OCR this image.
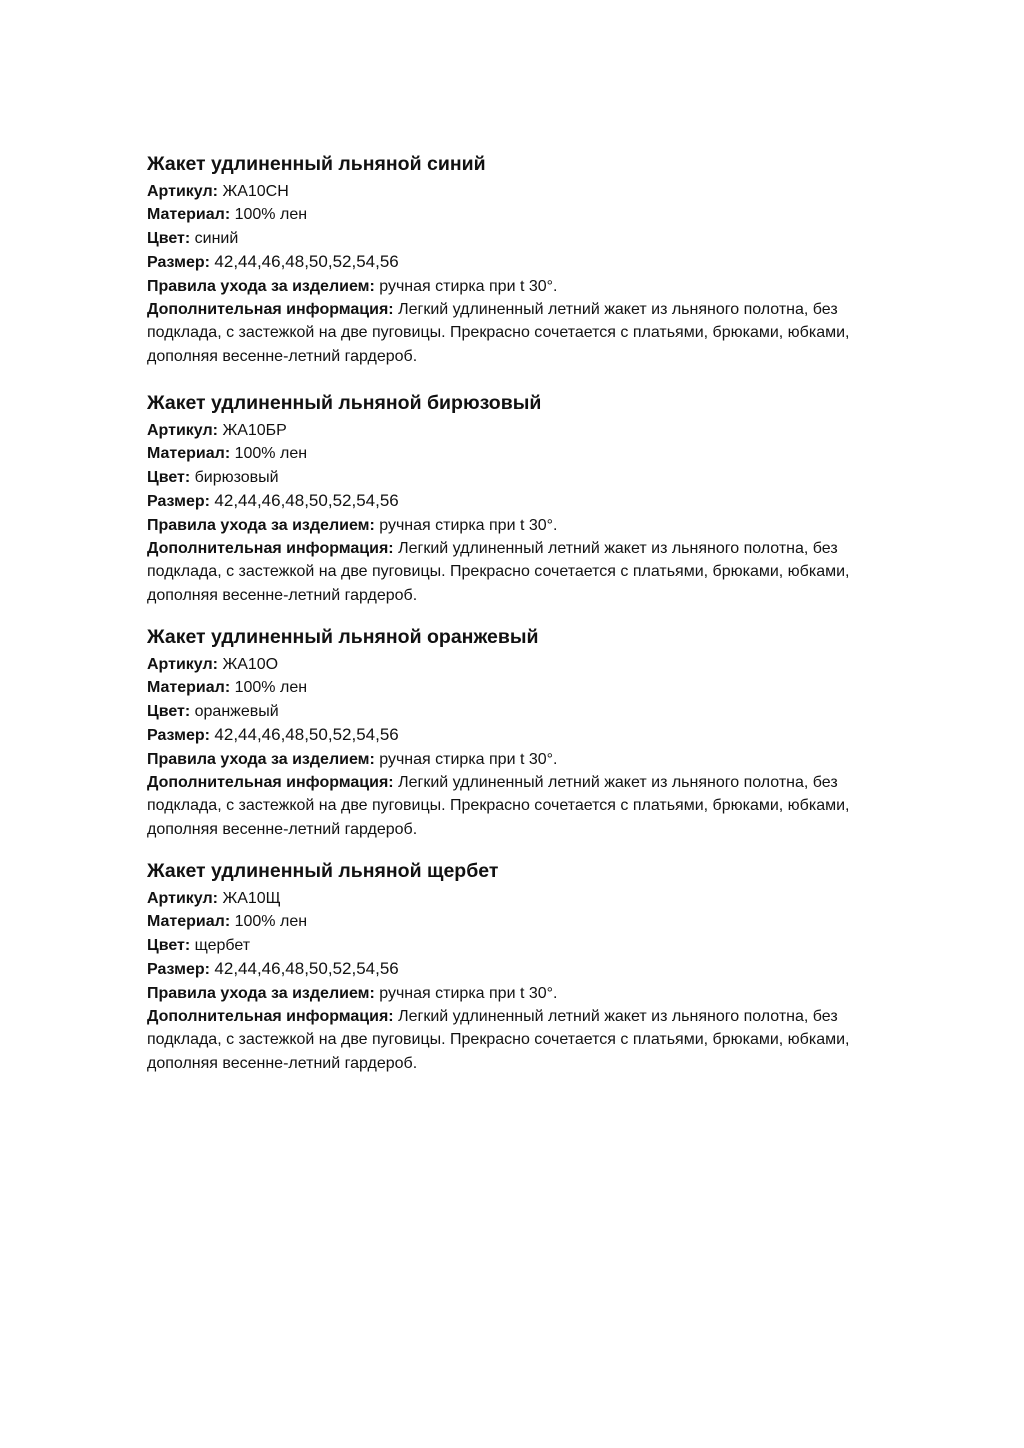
Жакет удлиненный льняной синий

Артикул: ЖА10СН

Материал: 100% лен

Цвет: синий

Размер: 42,44,46,48,50,52,54,56

Правила ухода за изделием: ручная стирка при t 30°.

Дополнительная информация: Легкий удлиненный летний жакет из льняного полотна, без

подклада, с застежкой на две пуговицы. Прекрасно сочетается с платьями, брюками, юбками,

дополняя весенне-летний гардероб.

Жакет удлиненный льняной бирюзовый

Артикул: ЖА10БР

Материал: 100% лен

Цвет: бирюзовый

Размер: 42,44,46,48,50,52,54,56

Правила ухода за изделием: ручная стирка при t 30°.

Дополнительная информация: Легкий удлиненный летний жакет из льняного полотна, без

подклада, с застежкой на две пуговицы. Прекрасно сочетается с платьями, брюками, юбками,

дополняя весенне-летний гардероб.

Жакет удлиненный льняной оранжевый

Артикул: ЖА10О

Материал: 100% лен

Цвет: оранжевый

Размер: 42,44,46,48,50,52,54,56

Правила ухода за изделием: ручная стирка при t 30°.

Дополнительная информация: Легкий удлиненный летний жакет из льняного полотна, без

подклада, с застежкой на две пуговицы. Прекрасно сочетается с платьями, брюками, юбками,

дополняя весенне-летний гардероб.

Жакет удлиненный льняной щербет

Артикул: ЖА10Щ

Материал: 100% лен

Цвет: щербет

Размер: 42,44,46,48,50,52,54,56

Правила ухода за изделием: ручная стирка при t 30°.

Дополнительная информация: Легкий удлиненный летний жакет из льняного полотна, без

подклада, с застежкой на две пуговицы. Прекрасно сочетается с платьями, брюками, юбками,

дополняя весенне-летний гардероб.
